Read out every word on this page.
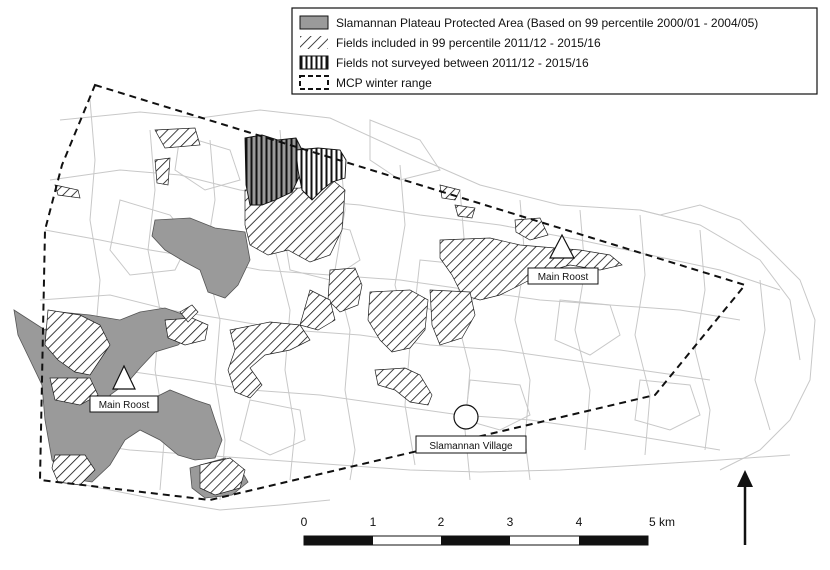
Main Roost
Main Roost
Slamannan Village
Slamannan Plateau Protected Area (Based on 99 percentile 2000/01 - 2004/05)
Fields included in 99 percentile 2011/12 - 2015/16
Fields not surveyed between 2011/12 - 2015/16
MCP winter range
0	1	2	3	4	5 km
